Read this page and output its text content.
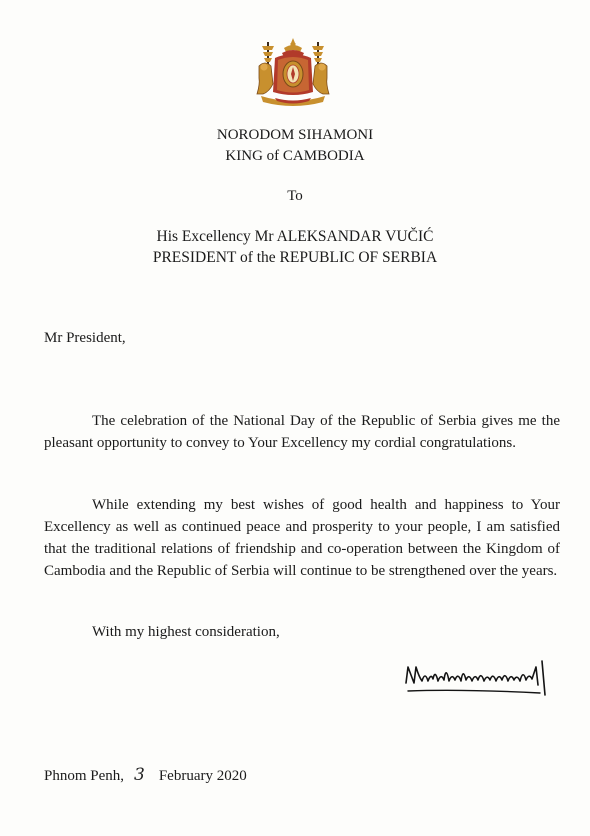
NORODOM SIHAMONI
KING of CAMBODIA

To

His Excellency Mr ALEKSANDAR VUČIĆ
PRESIDENT of the REPUBLIC OF SERBIA

Mr President,

The celebration of the National Day of the Republic of Serbia gives me the pleasant opportunity to convey to Your Excellency my cordial congratulations.

While extending my best wishes of good health and happiness to Your Excellency as well as continued peace and prosperity to your people, I am satisfied that the traditional relations of friendship and co-operation between the Kingdom of Cambodia and the Republic of Serbia will continue to be strengthened over the years.

With my highest consideration,

Phnom Penh, 3 February 2020
